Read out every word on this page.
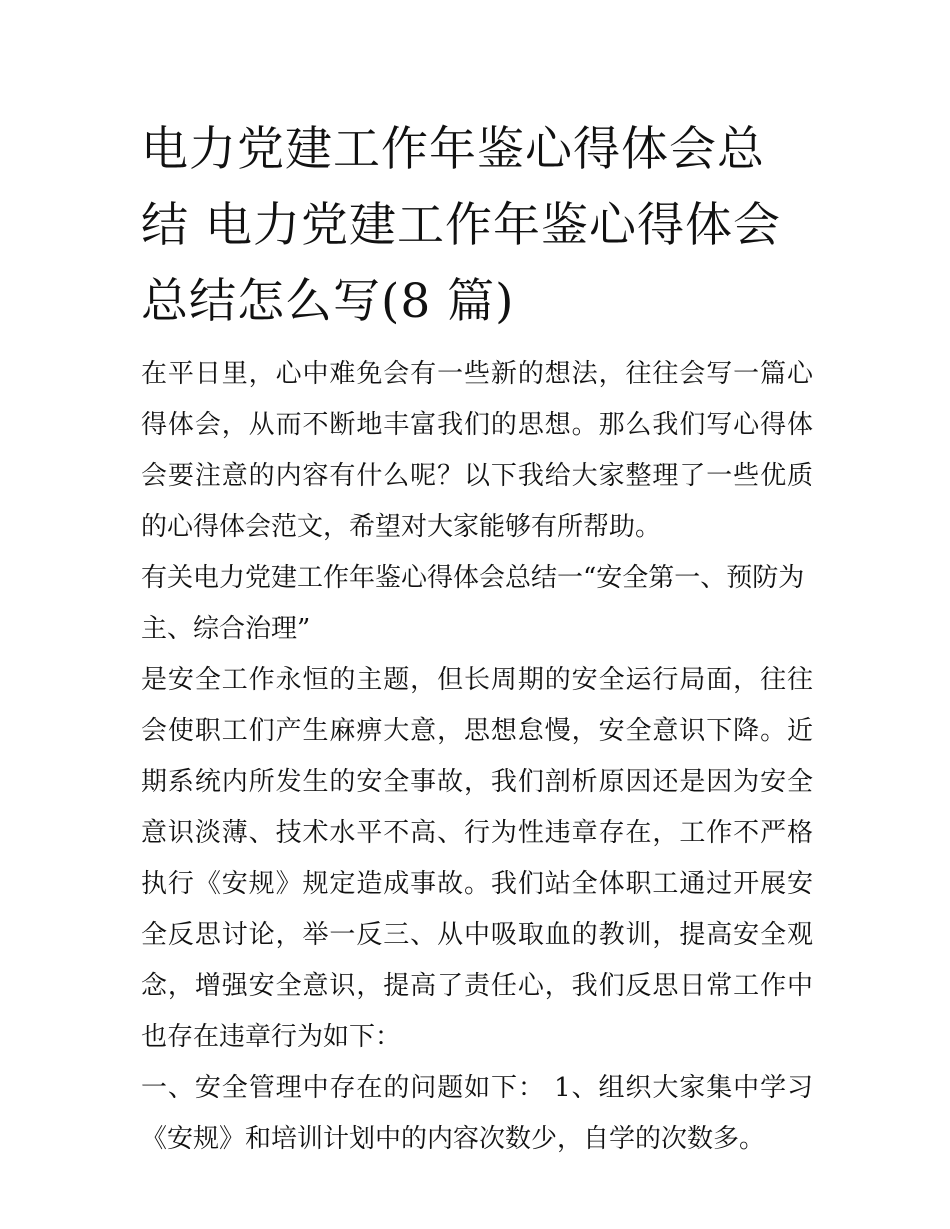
电力党建工作年鉴心得体会总
结 电力党建工作年鉴心得体会
总结怎么写(8 篇)

在平日里，心中难免会有一些新的想法，往往会写一篇心得体会，从而不断地丰富我们的思想。那么我们写心得体会要注意的内容有什么呢？以下我给大家整理了一些优质的心得体会范文，希望对大家能够有所帮助。

有关电力党建工作年鉴心得体会总结一“安全第一、预防为
主、综合治理”

是安全工作永恒的主题，但长周期的安全运行局面，往往会使职工们产生麻痹大意，思想怠慢，安全意识下降。近期系统内所发生的安全事故，我们剖析原因还是因为安全意识淡薄、技术水平不高、行为性违章存在，工作不严格执行《安规》规定造成事故。我们站全体职工通过开展安全反思讨论，举一反三、从中吸取血的教训，提高安全观念，增强安全意识，提高了责任心，我们反思日常工作中也存在违章行为如下：

一、安全管理中存在的问题如下： 1、组织大家集中学习《安规》和培训计划中的内容次数少，自学的次数多。
